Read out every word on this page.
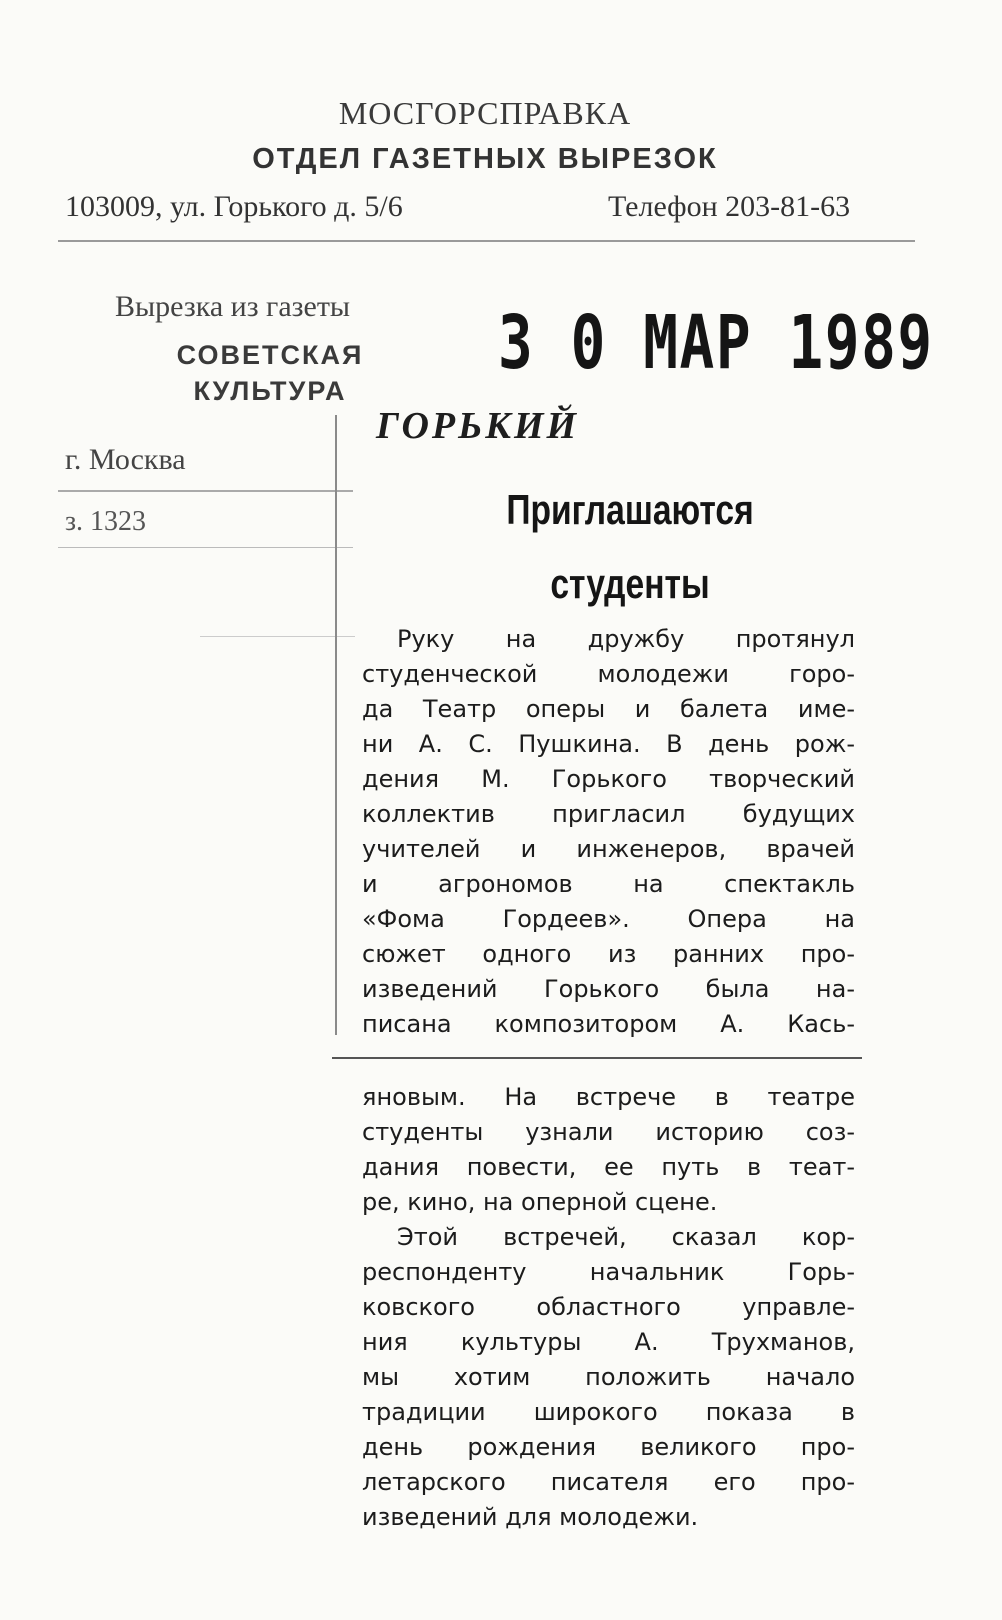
МОСГОРСПРАВКА
ОТДЕЛ ГАЗЕТНЫХ ВЫРЕЗОК
103009, ул. Горького д. 5/6	Телефон 203-81-63
Вырезка из газеты
СОВЕТСКАЯ
КУЛЬТУРА
г. Москва
з. 1323
3 0 МАР 1989
ГОРЬКИЙ
Приглашаются
студенты
Руку на дружбу протянул
студенческой молодежи горо-
да Театр оперы и балета име-
ни А. С. Пушкина. В день рож-
дения М. Горького творческий
коллектив пригласил будущих
учителей и инженеров, врачей
и агрономов на спектакль
«Фома Гордеев». Опера на
сюжет одного из ранних про-
изведений Горького была на-
писана композитором А. Кась-
яновым. На встрече в театре
студенты узнали историю соз-
дания повести, ее путь в теат-
ре, кино, на оперной сцене.
Этой встречей, сказал кор-
респонденту начальник Горь-
ковского областного управле-
ния культуры А. Трухманов,
мы хотим положить начало
традиции широкого показа в
день рождения великого про-
летарского писателя его про-
изведений для молодежи.
